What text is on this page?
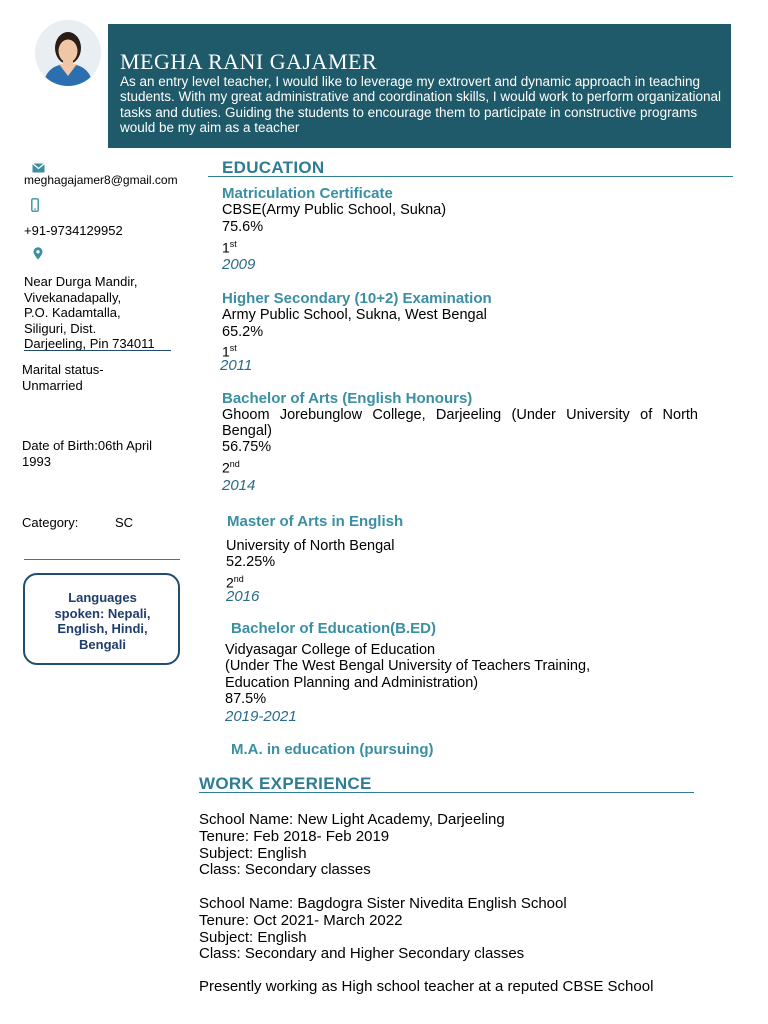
MEGHA RANI GAJAMER
As an entry level teacher, I would like to leverage my extrovert and dynamic approach in teaching students. With my great administrative and coordination skills, I would work to perform organizational tasks and duties. Guiding the students to encourage them to participate in constructive programs would be my aim as a teacher
meghagajamer8@gmail.com
+91-9734129952
Near Durga Mandir,
Vivekanadapally,
P.O. Kadamtalla,
Siliguri, Dist.
Darjeeling, Pin 734011
Marital status-
Unmarried
Date of Birth:06th April
1993
Category:	SC
Languages
spoken: Nepali,
English, Hindi,
Bengali
EDUCATION
Matriculation Certificate
CBSE(Army Public School, Sukna)
75.6%
1st
2009
Higher Secondary (10+2) Examination
Army Public School, Sukna, West Bengal
65.2%
1st
2011
Bachelor of Arts (English Honours)
Ghoom Jorebunglow College, Darjeeling (Under University of North
Bengal)
56.75%
2nd
2014
Master of Arts in English
University of North Bengal
52.25%
2nd
2016
Bachelor of Education(B.ED)
Vidyasagar College of Education
(Under The West Bengal University of Teachers Training,
Education Planning and Administration)
87.5%
2019-2021
M.A. in education (pursuing)
WORK EXPERIENCE
School Name: New Light Academy, Darjeeling
Tenure: Feb 2018- Feb 2019
Subject: English
Class: Secondary classes
School Name: Bagdogra Sister Nivedita English School
Tenure: Oct 2021- March 2022
Subject: English
Class: Secondary and Higher Secondary classes
Presently working as High school teacher at a reputed CBSE School
